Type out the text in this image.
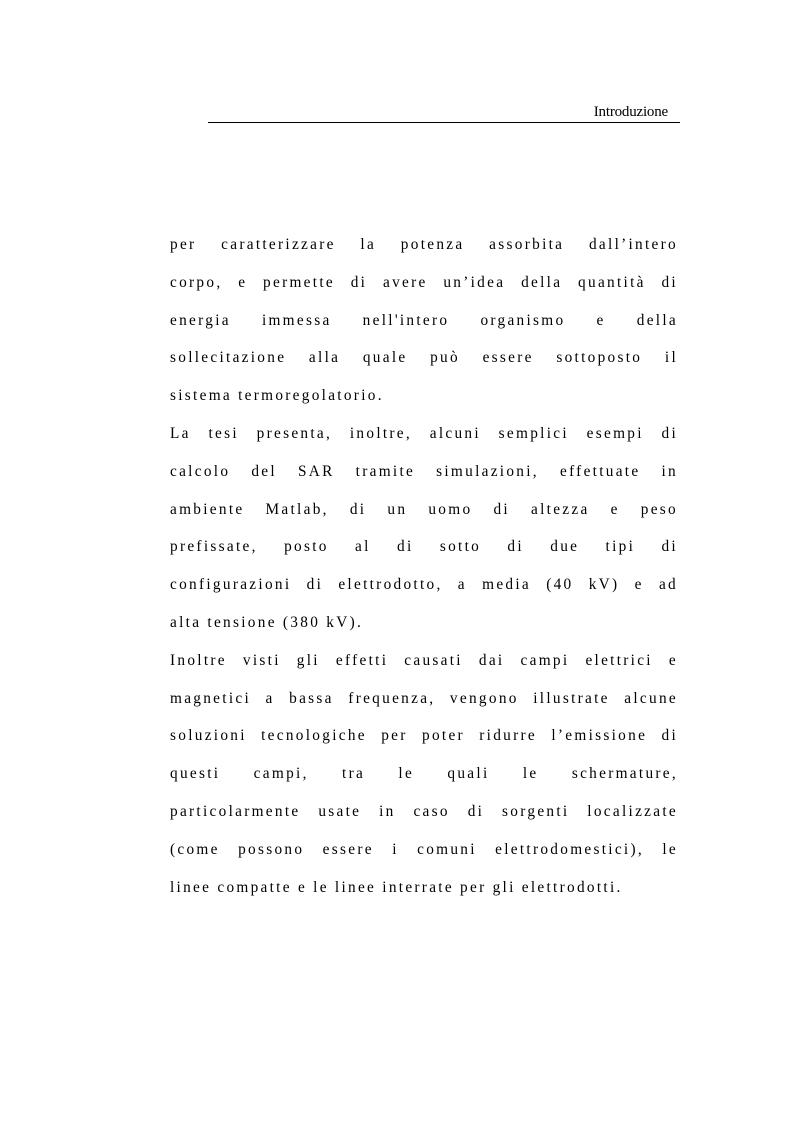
Introduzione
per caratterizzare la potenza assorbita dall’intero
corpo, e permette di avere un’idea della quantità di
energia immessa nell'intero organismo e della
sollecitazione alla quale può essere sottoposto il
sistema termoregolatorio.
La tesi presenta, inoltre, alcuni semplici esempi di
calcolo del SAR tramite simulazioni, effettuate in
ambiente Matlab, di un uomo di altezza e peso
prefissate, posto al di sotto di due tipi di
configurazioni di elettrodotto, a media (40 kV) e ad
alta tensione (380 kV).
Inoltre visti gli effetti causati dai campi elettrici e
magnetici a bassa frequenza, vengono illustrate alcune
soluzioni tecnologiche per poter ridurre l’emissione di
questi campi, tra le quali le schermature,
particolarmente usate in caso di sorgenti localizzate
(come possono essere i comuni elettrodomestici), le
linee compatte e le linee interrate per gli elettrodotti.
